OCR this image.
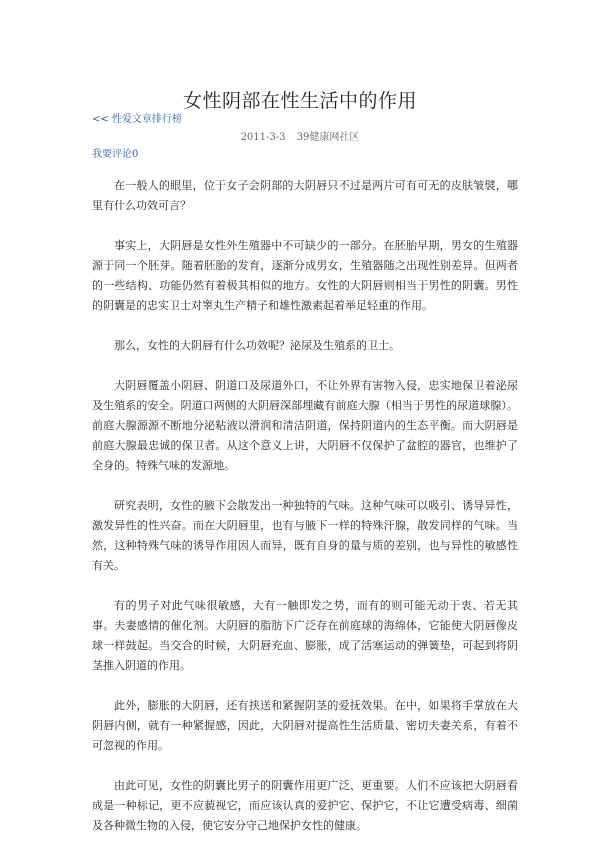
女性阴部在性生活中的作用
<< 性爱文章排行榜
2011-3-3 39健康网社区
我要评论0

在一般人的眼里，位于女子会阴部的大阴唇只不过是两片可有可无的皮肤皱襞，哪里有什么功效可言？

事实上，大阴唇是女性外生殖器中不可缺少的一部分。在胚胎早期，男女的生殖器源于同一个胚芽。随着胚胎的发育，逐渐分成男女，生殖器随之出现性别差异。但两者的一些结构、功能仍然有着极其相似的地方。女性的大阴唇则相当于男性的阴囊。男性的阴囊是的忠实卫士对睾丸生产精子和雄性激素起着举足轻重的作用。

那么，女性的大阴唇有什么功效呢？泌尿及生殖系的卫士。

大阴唇覆盖小阴唇、阴道口及尿道外口，不让外界有害物入侵，忠实地保卫着泌尿及生殖系的安全。阴道口两侧的大阴唇深部埋藏有前庭大腺（相当于男性的尿道球腺）。前庭大腺源源不断地分泌粘液以滑润和清洁阴道，保持阴道内的生态平衡。而大阴唇是前庭大腺最忠诚的保卫者。从这个意义上讲，大阴唇不仅保护了盆腔的器官，也维护了全身的。特殊气味的发源地。

研究表明，女性的腋下会散发出一种独特的气味。这种气味可以吸引、诱导异性，激发异性的性兴奋。而在大阴唇里，也有与腋下一样的特殊汗腺，散发同样的气味。当然，这种特殊气味的诱导作用因人而异，既有自身的量与质的差别，也与异性的敏感性有关。

有的男子对此气味很敏感，大有一触即发之势，而有的则可能无动于衷、若无其事。夫妻感情的催化剂。大阴唇的脂肪下广泛存在前庭球的海绵体，它能使大阴唇像皮球一样鼓起。当交合的时候，大阴唇充血、膨胀，成了活塞运动的弹簧垫，可起到将阴茎推入阴道的作用。

此外，膨胀的大阴唇，还有挟送和紧握阴茎的爱抚效果。在中，如果将手掌放在大阴唇内侧，就有一种紧握感，因此，大阴唇对提高性生活质量、密切夫妻关系，有着不可忽视的作用。

由此可见，女性的阴囊比男子的阴囊作用更广泛、更重要。人们不应该把大阴唇看成是一种标记，更不应藐视它，而应该认真的爱护它、保护它，不让它遭受病毒、细菌及各种微生物的入侵，使它安分守己地保护女性的健康。
